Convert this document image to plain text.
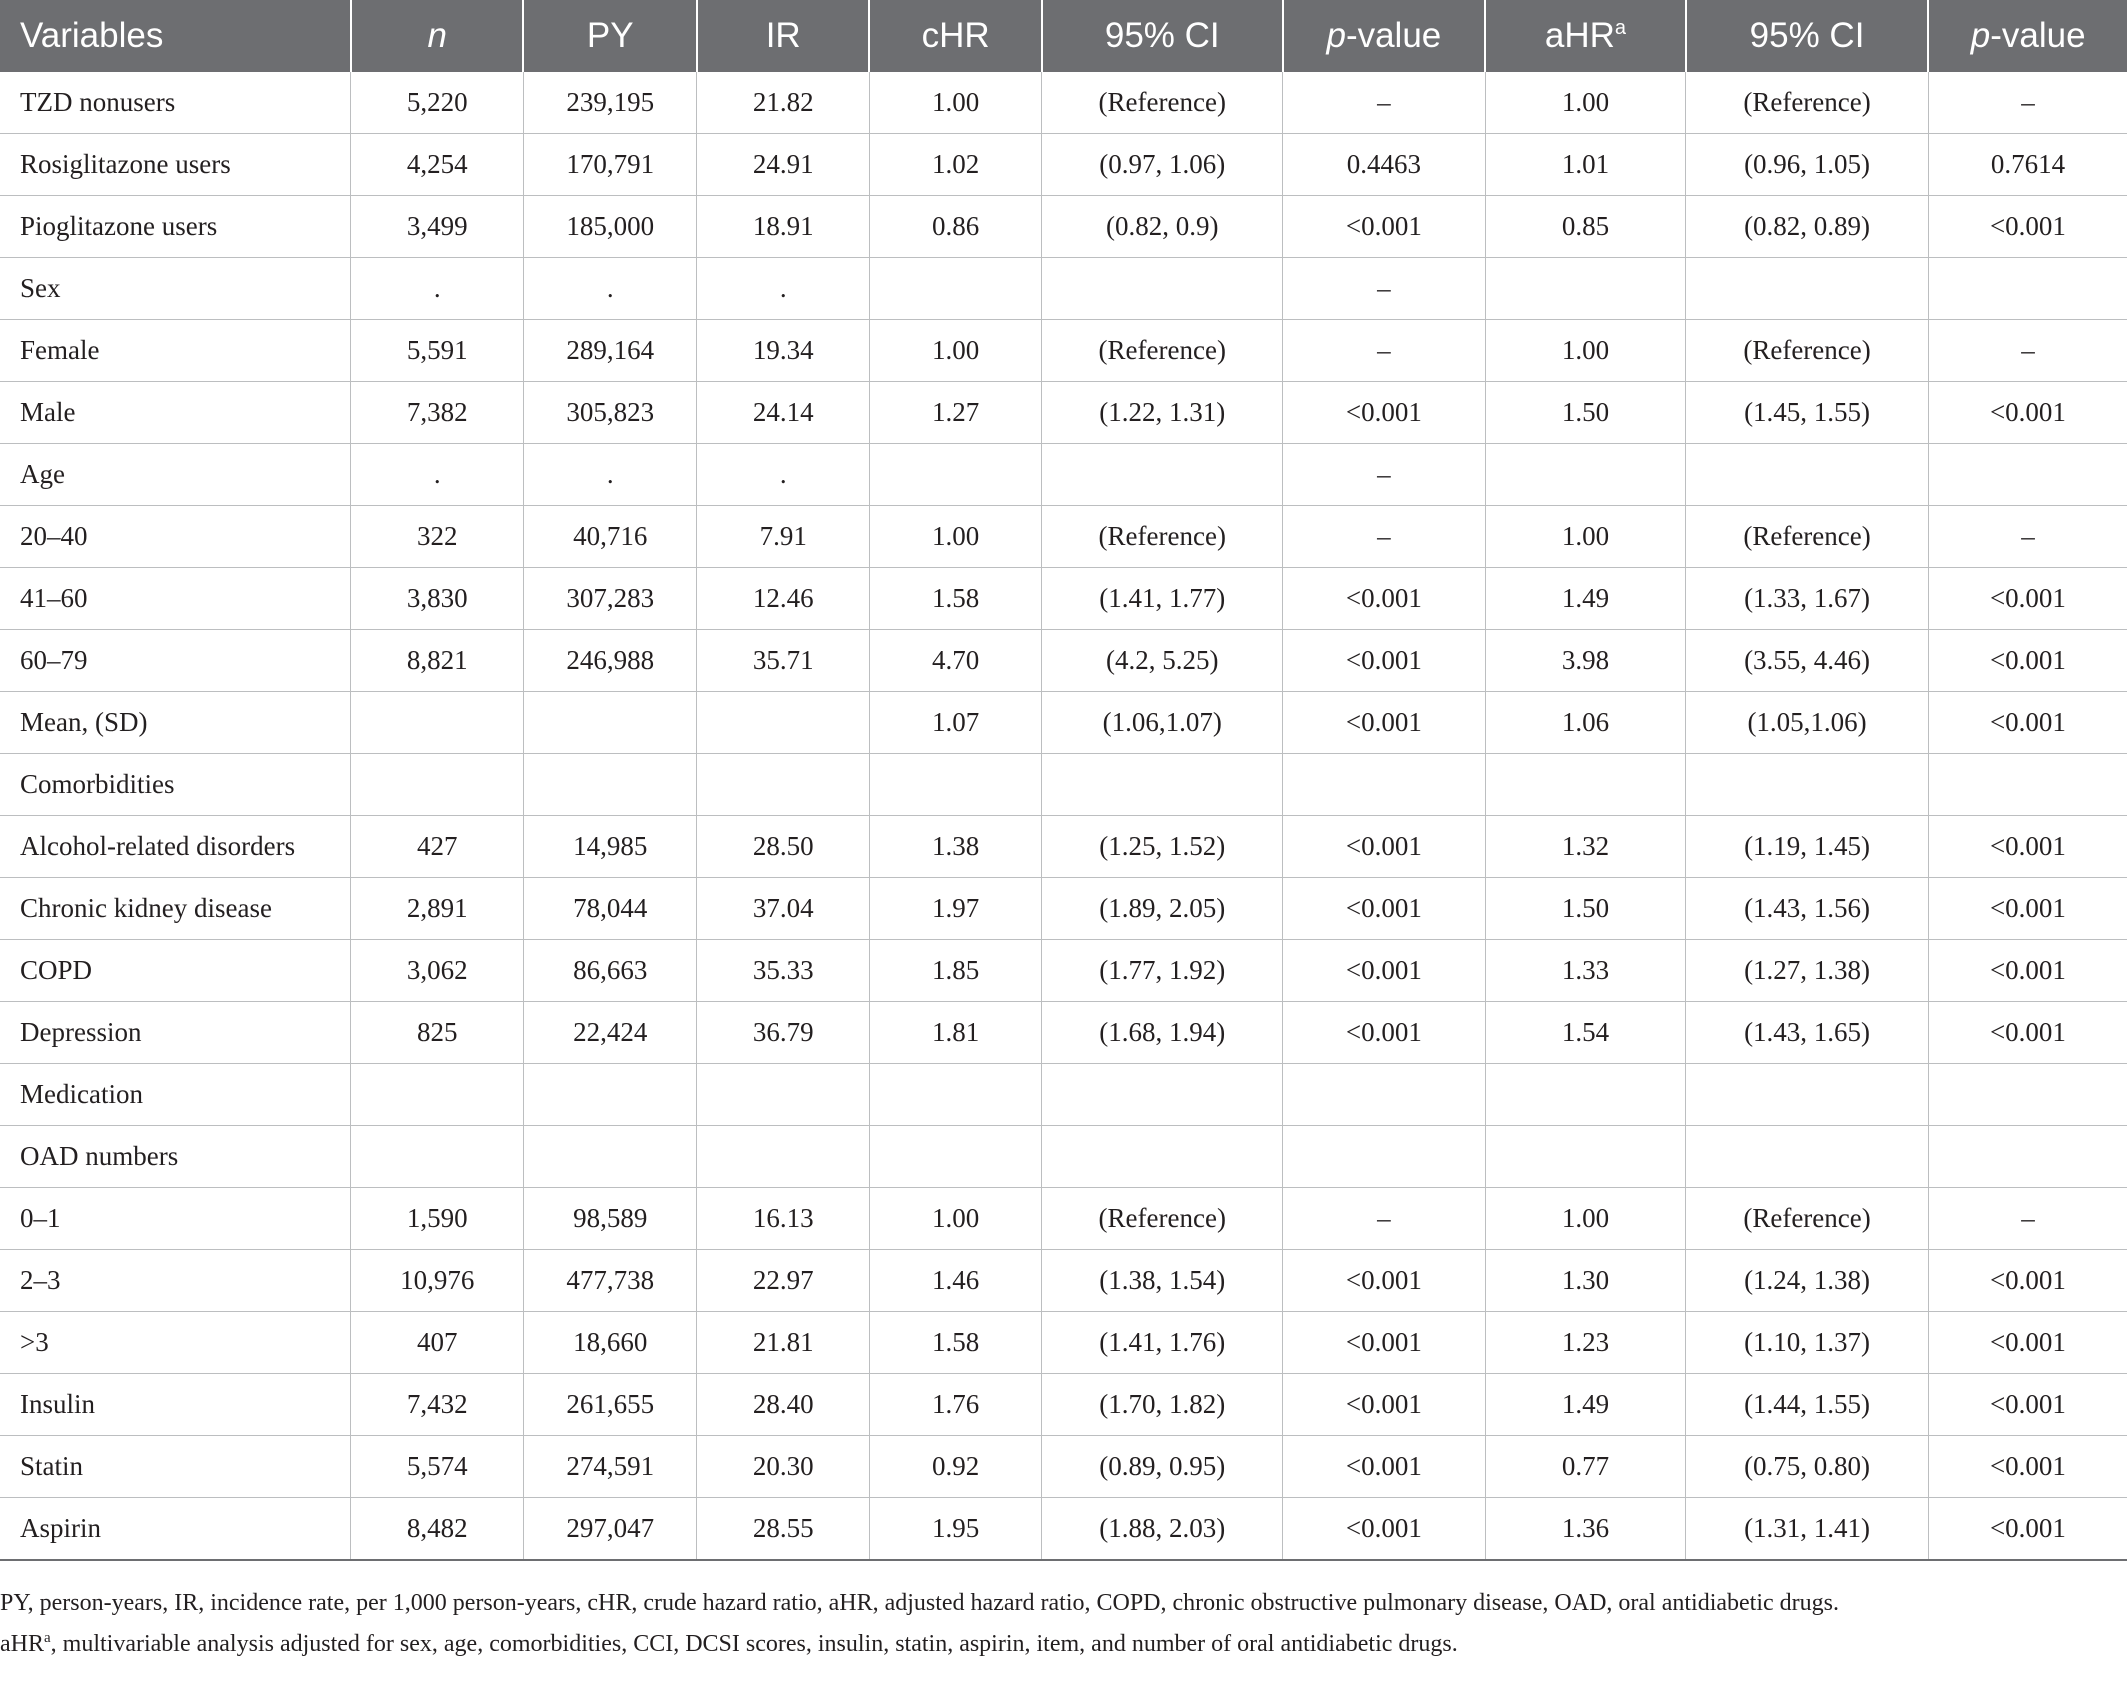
Variables	n	PY	IR	cHR	95% CI	p-value	aHR$^a$	95% CI	p-value
TZD nonusers	5,220	239,195	21.82	1.00	(Reference)	–	1.00	(Reference)	–
Rosiglitazone users	4,254	170,791	24.91	1.02	(0.97, 1.06)	0.4463	1.01	(0.96, 1.05)	0.7614
Pioglitazone users	3,499	185,000	18.91	0.86	(0.82, 0.9)	<0.001	0.85	(0.82, 0.89)	<0.001
Sex	.	.	.			–			
Female	5,591	289,164	19.34	1.00	(Reference)	–	1.00	(Reference)	–
Male	7,382	305,823	24.14	1.27	(1.22, 1.31)	<0.001	1.50	(1.45, 1.55)	<0.001
Age	.	.	.			–			
20–40	322	40,716	7.91	1.00	(Reference)	–	1.00	(Reference)	–
41–60	3,830	307,283	12.46	1.58	(1.41, 1.77)	<0.001	1.49	(1.33, 1.67)	<0.001
60–79	8,821	246,988	35.71	4.70	(4.2, 5.25)	<0.001	3.98	(3.55, 4.46)	<0.001
Mean, (SD)				1.07	(1.06,1.07)	<0.001	1.06	(1.05,1.06)	<0.001
Comorbidities									
Alcohol-related disorders	427	14,985	28.50	1.38	(1.25, 1.52)	<0.001	1.32	(1.19, 1.45)	<0.001
Chronic kidney disease	2,891	78,044	37.04	1.97	(1.89, 2.05)	<0.001	1.50	(1.43, 1.56)	<0.001
COPD	3,062	86,663	35.33	1.85	(1.77, 1.92)	<0.001	1.33	(1.27, 1.38)	<0.001
Depression	825	22,424	36.79	1.81	(1.68, 1.94)	<0.001	1.54	(1.43, 1.65)	<0.001
Medication									
OAD numbers									
0–1	1,590	98,589	16.13	1.00	(Reference)	–	1.00	(Reference)	–
2–3	10,976	477,738	22.97	1.46	(1.38, 1.54)	<0.001	1.30	(1.24, 1.38)	<0.001
>3	407	18,660	21.81	1.58	(1.41, 1.76)	<0.001	1.23	(1.10, 1.37)	<0.001
Insulin	7,432	261,655	28.40	1.76	(1.70, 1.82)	<0.001	1.49	(1.44, 1.55)	<0.001
Statin	5,574	274,591	20.30	0.92	(0.89, 0.95)	<0.001	0.77	(0.75, 0.80)	<0.001
Aspirin	8,482	297,047	28.55	1.95	(1.88, 2.03)	<0.001	1.36	(1.31, 1.41)	<0.001

PY, person-years, IR, incidence rate, per 1,000 person-years, cHR, crude hazard ratio, aHR, adjusted hazard ratio, COPD, chronic obstructive pulmonary disease, OAD, oral antidiabetic drugs.

aHR$^a$, multivariable analysis adjusted for sex, age, comorbidities, CCI, DCSI scores, insulin, statin, aspirin, item, and number of oral antidiabetic drugs.
